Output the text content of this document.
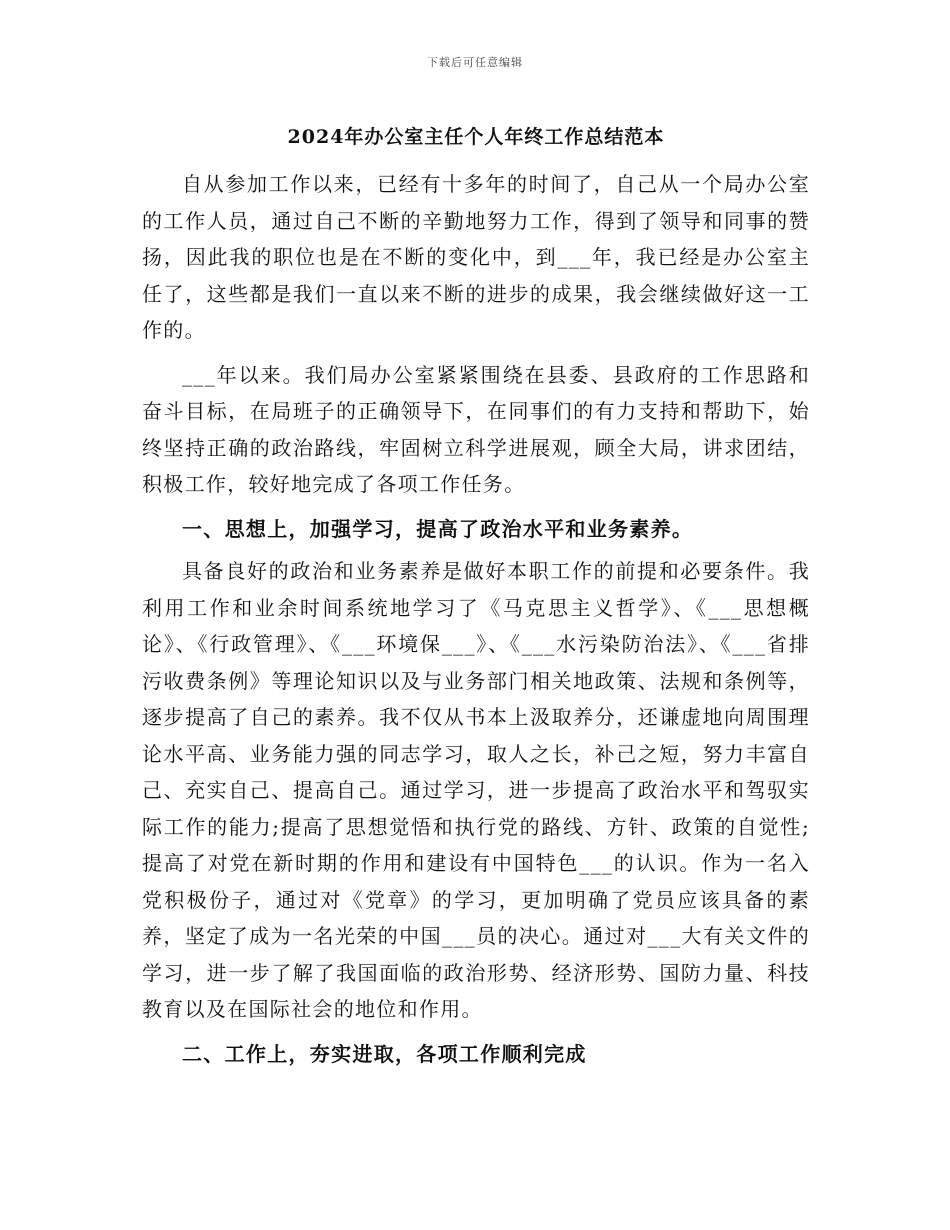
下载后可任意编辑
2024年办公室主任个人年终工作总结范本

自从参加工作以来，已经有十多年的时间了，自己从一个局办公室的工作人员，通过自己不断的辛勤地努力工作，得到了领导和同事的赞扬，因此我的职位也是在不断的变化中，到___年，我已经是办公室主任了，这些都是我们一直以来不断的进步的成果，我会继续做好这一工作的。

___年以来。我们局办公室紧紧围绕在县委、县政府的工作思路和奋斗目标，在局班子的正确领导下，在同事们的有力支持和帮助下，始终坚持正确的政治路线，牢固树立科学进展观，顾全大局，讲求团结，积极工作，较好地完成了各项工作任务。

一、思想上，加强学习，提高了政治水平和业务素养。

具备良好的政治和业务素养是做好本职工作的前提和必要条件。我利用工作和业余时间系统地学习了《马克思主义哲学》、《___思想概论》、《行政管理》、《___环境保___》、《___水污染防治法》、《___省排污收费条例》等理论知识以及与业务部门相关地政策、法规和条例等，逐步提高了自己的素养。我不仅从书本上汲取养分，还谦虚地向周围理论水平高、业务能力强的同志学习，取人之长，补己之短，努力丰富自己、充实自己、提高自己。通过学习，进一步提高了政治水平和驾驭实际工作的能力;提高了思想觉悟和执行党的路线、方针、政策的自觉性;提高了对党在新时期的作用和建设有中国特色___的认识。作为一名入党积极份子，通过对《党章》的学习，更加明确了党员应该具备的素养，坚定了成为一名光荣的中国___员的决心。通过对___大有关文件的学习，进一步了解了我国面临的政治形势、经济形势、国防力量、科技教育以及在国际社会的地位和作用。

二、工作上，夯实进取，各项工作顺利完成
